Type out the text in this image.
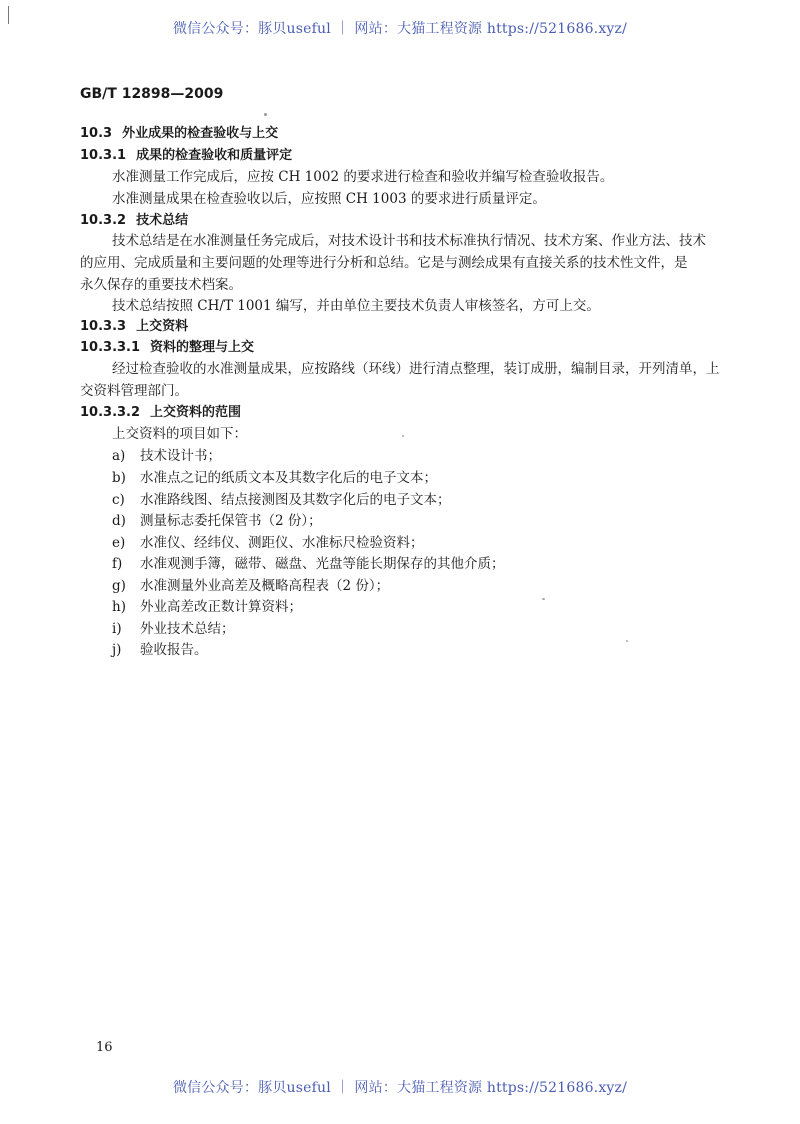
微信公众号：豚贝useful ｜ 网站：大猫工程资源 https://521686.xyz/
GB/T 12898—2009
10.3 外业成果的检查验收与上交
10.3.1 成果的检查验收和质量评定
水准测量工作完成后，应按 CH 1002 的要求进行检查和验收并编写检查验收报告。
水准测量成果在检查验收以后，应按照 CH 1003 的要求进行质量评定。
10.3.2 技术总结
技术总结是在水准测量任务完成后，对技术设计书和技术标准执行情况、技术方案、作业方法、技术
的应用、完成质量和主要问题的处理等进行分析和总结。它是与测绘成果有直接关系的技术性文件，是
永久保存的重要技术档案。
技术总结按照 CH/T 1001 编写，并由单位主要技术负责人审核签名，方可上交。
10.3.3 上交资料
10.3.3.1 资料的整理与上交
经过检查验收的水准测量成果，应按路线（环线）进行清点整理，装订成册，编制目录，开列清单，上
交资料管理部门。
10.3.3.2 上交资料的范围
上交资料的项目如下：
a) 技术设计书；
b) 水准点之记的纸质文本及其数字化后的电子文本；
c) 水准路线图、结点接测图及其数字化后的电子文本；
d) 测量标志委托保管书（2 份）；
e) 水准仪、经纬仪、测距仪、水准标尺检验资料；
f) 水准观测手簿，磁带、磁盘、光盘等能长期保存的其他介质；
g) 水准测量外业高差及概略高程表（2 份）；
h) 外业高差改正数计算资料；
i) 外业技术总结；
j) 验收报告。
16
微信公众号：豚贝useful ｜ 网站：大猫工程资源 https://521686.xyz/
